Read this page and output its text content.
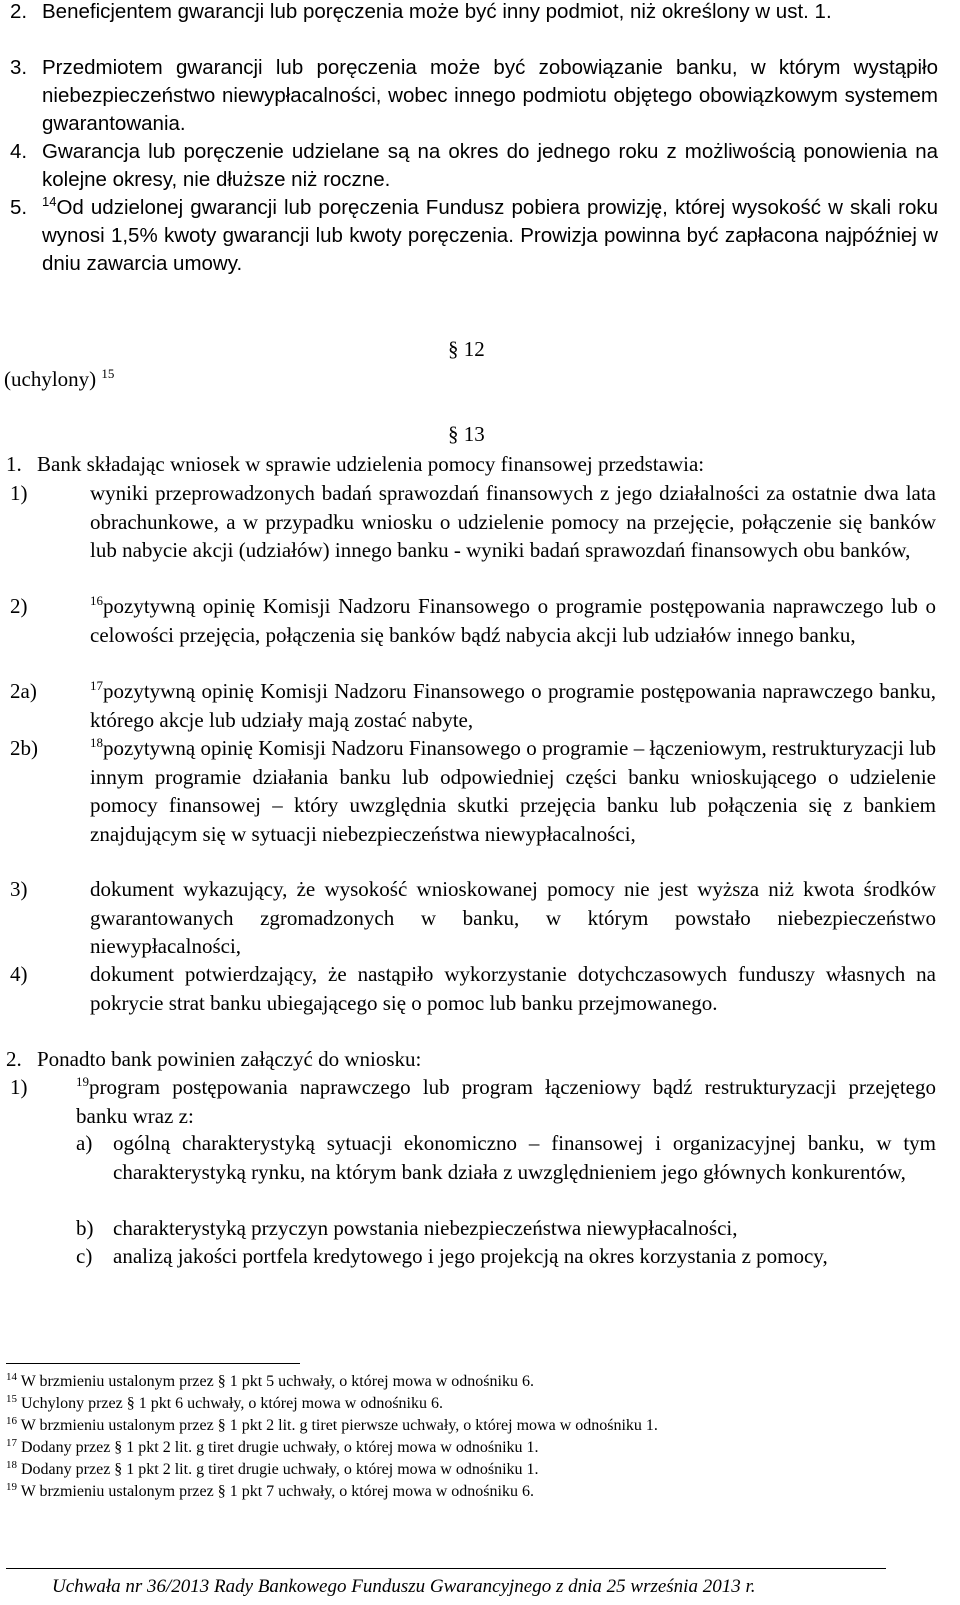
2. Beneficjentem gwarancji lub poręczenia może być inny podmiot, niż określony w ust. 1.
3. Przedmiotem gwarancji lub poręczenia może być zobowiązanie banku, w którym wystąpiło niebezpieczeństwo niewypłacalności, wobec innego podmiotu objętego obowiązkowym systemem gwarantowania.
4. Gwarancja lub poręczenie udzielane są na okres do jednego roku z możliwością ponowienia na kolejne okresy, nie dłuższe niż roczne.
5. $^{14}$Od udzielonej gwarancji lub poręczenia Fundusz pobiera prowizję, której wysokość w skali roku wynosi 1,5% kwoty gwarancji lub kwoty poręczenia. Prowizja powinna być zapłacona najpóźniej w dniu zawarcia umowy.
§ 12
(uchylony) $^{15}$
§ 13
1. Bank składając wniosek w sprawie udzielenia pomocy finansowej przedstawia:
1)	wyniki przeprowadzonych badań sprawozdań finansowych z jego działalności za ostatnie dwa lata obrachunkowe, a w przypadku wniosku o udzielenie pomocy na przejęcie, połączenie się banków lub nabycie akcji (udziałów) innego banku - wyniki badań sprawozdań finansowych obu banków,
2)	$^{16}$pozytywną opinię Komisji Nadzoru Finansowego o programie postępowania naprawczego lub o celowości przejęcia, połączenia się banków bądź nabycia akcji lub udziałów innego banku,
2a)	$^{17}$pozytywną opinię Komisji Nadzoru Finansowego o programie postępowania naprawczego banku, którego akcje lub udziały mają zostać nabyte,
2b)	$^{18}$pozytywną opinię Komisji Nadzoru Finansowego o programie – łączeniowym, restrukturyzacji lub innym programie działania banku lub odpowiedniej części banku wnioskującego o udzielenie pomocy finansowej – który uwzględnia skutki przejęcia banku lub połączenia się z bankiem znajdującym się w sytuacji niebezpieczeństwa niewypłacalności,
3)	dokument wykazujący, że wysokość wnioskowanej pomocy nie jest wyższa niż kwota środków gwarantowanych zgromadzonych w banku, w którym powstało niebezpieczeństwo niewypłacalności,
4)	dokument potwierdzający, że nastąpiło wykorzystanie dotychczasowych funduszy własnych na pokrycie strat banku ubiegającego się o pomoc lub banku przejmowanego.
2. Ponadto bank powinien załączyć do wniosku:
1)	$^{19}$program postępowania naprawczego lub program łączeniowy bądź restrukturyzacji przejętego banku wraz z:
a) ogólną charakterystyką sytuacji ekonomiczno – finansowej i organizacyjnej banku, w tym charakterystyką rynku, na którym bank działa z uwzględnieniem jego głównych konkurentów,
b) charakterystyką przyczyn powstania niebezpieczeństwa niewypłacalności,
c) analizą jakości portfela kredytowego i jego projekcją na okres korzystania z pomocy,
$^{14}$ W brzmieniu ustalonym przez § 1 pkt 5 uchwały, o której mowa w odnośniku 6.
$^{15}$ Uchylony przez § 1 pkt 6 uchwały, o której mowa w odnośniku 6.
$^{16}$ W brzmieniu ustalonym przez § 1 pkt 2 lit. g tiret pierwsze uchwały, o której mowa w odnośniku 1.
$^{17}$ Dodany przez § 1 pkt 2 lit. g tiret drugie uchwały, o której mowa w odnośniku 1.
$^{18}$ Dodany przez § 1 pkt 2 lit. g tiret drugie uchwały, o której mowa w odnośniku 1.
$^{19}$ W brzmieniu ustalonym przez § 1 pkt 7 uchwały, o której mowa w odnośniku 6.
Uchwała nr 36/2013 Rady Bankowego Funduszu Gwarancyjnego z dnia 25 września 2013 r.
